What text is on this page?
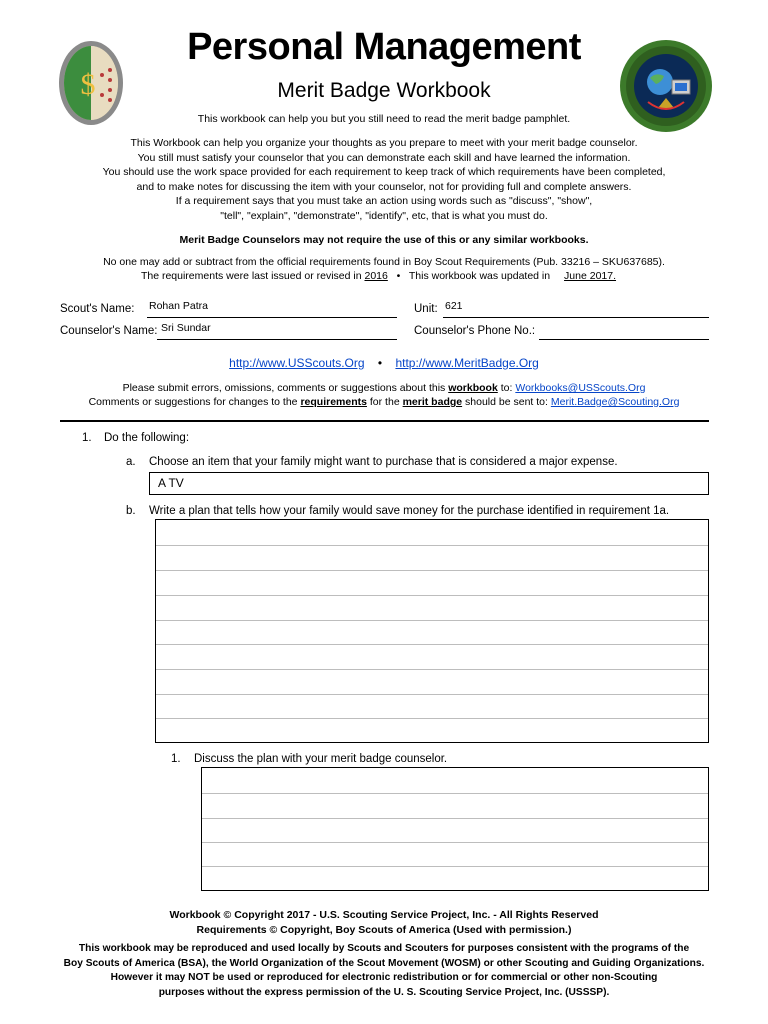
$
Personal Management
Merit Badge Workbook
This workbook can help you but you still need to read the merit badge pamphlet.
This Workbook can help you organize your thoughts as you prepare to meet with your merit badge counselor.
You still must satisfy your counselor that you can demonstrate each skill and have learned the information.
You should use the work space provided for each requirement to keep track of which requirements have been completed,
and to make notes for discussing the item with your counselor, not for providing full and complete answers.
If a requirement says that you must take an action using words such as "discuss", "show",
"tell", "explain", "demonstrate", "identify", etc, that is what you must do.
Merit Badge Counselors may not require the use of this or any similar workbooks.
No one may add or subtract from the official requirements found in Boy Scout Requirements (Pub. 33216 – SKU637685).
The requirements were last issued or revised in 2016 • This workbook was updated in June 2017.
Scout's Name: Rohan Patra	Unit: 621
Counselor's Name: Sri Sundar	Counselor's Phone No.:
http://www.USScouts.Org • http://www.MeritBadge.Org
Please submit errors, omissions, comments or suggestions about this workbook to: Workbooks@USScouts.Org
Comments or suggestions for changes to the requirements for the merit badge should be sent to: Merit.Badge@Scouting.Org
1. Do the following:
a. Choose an item that your family might want to purchase that is considered a major expense.
A TV
b. Write a plan that tells how your family would save money for the purchase identified in requirement 1a.
1. Discuss the plan with your merit badge counselor.
Workbook © Copyright 2017 - U.S. Scouting Service Project, Inc. - All Rights Reserved
Requirements © Copyright, Boy Scouts of America (Used with permission.)
This workbook may be reproduced and used locally by Scouts and Scouters for purposes consistent with the programs of the
Boy Scouts of America (BSA), the World Organization of the Scout Movement (WOSM) or other Scouting and Guiding Organizations.
However it may NOT be used or reproduced for electronic redistribution or for commercial or other non-Scouting
purposes without the express permission of the U. S. Scouting Service Project, Inc. (USSSP).
